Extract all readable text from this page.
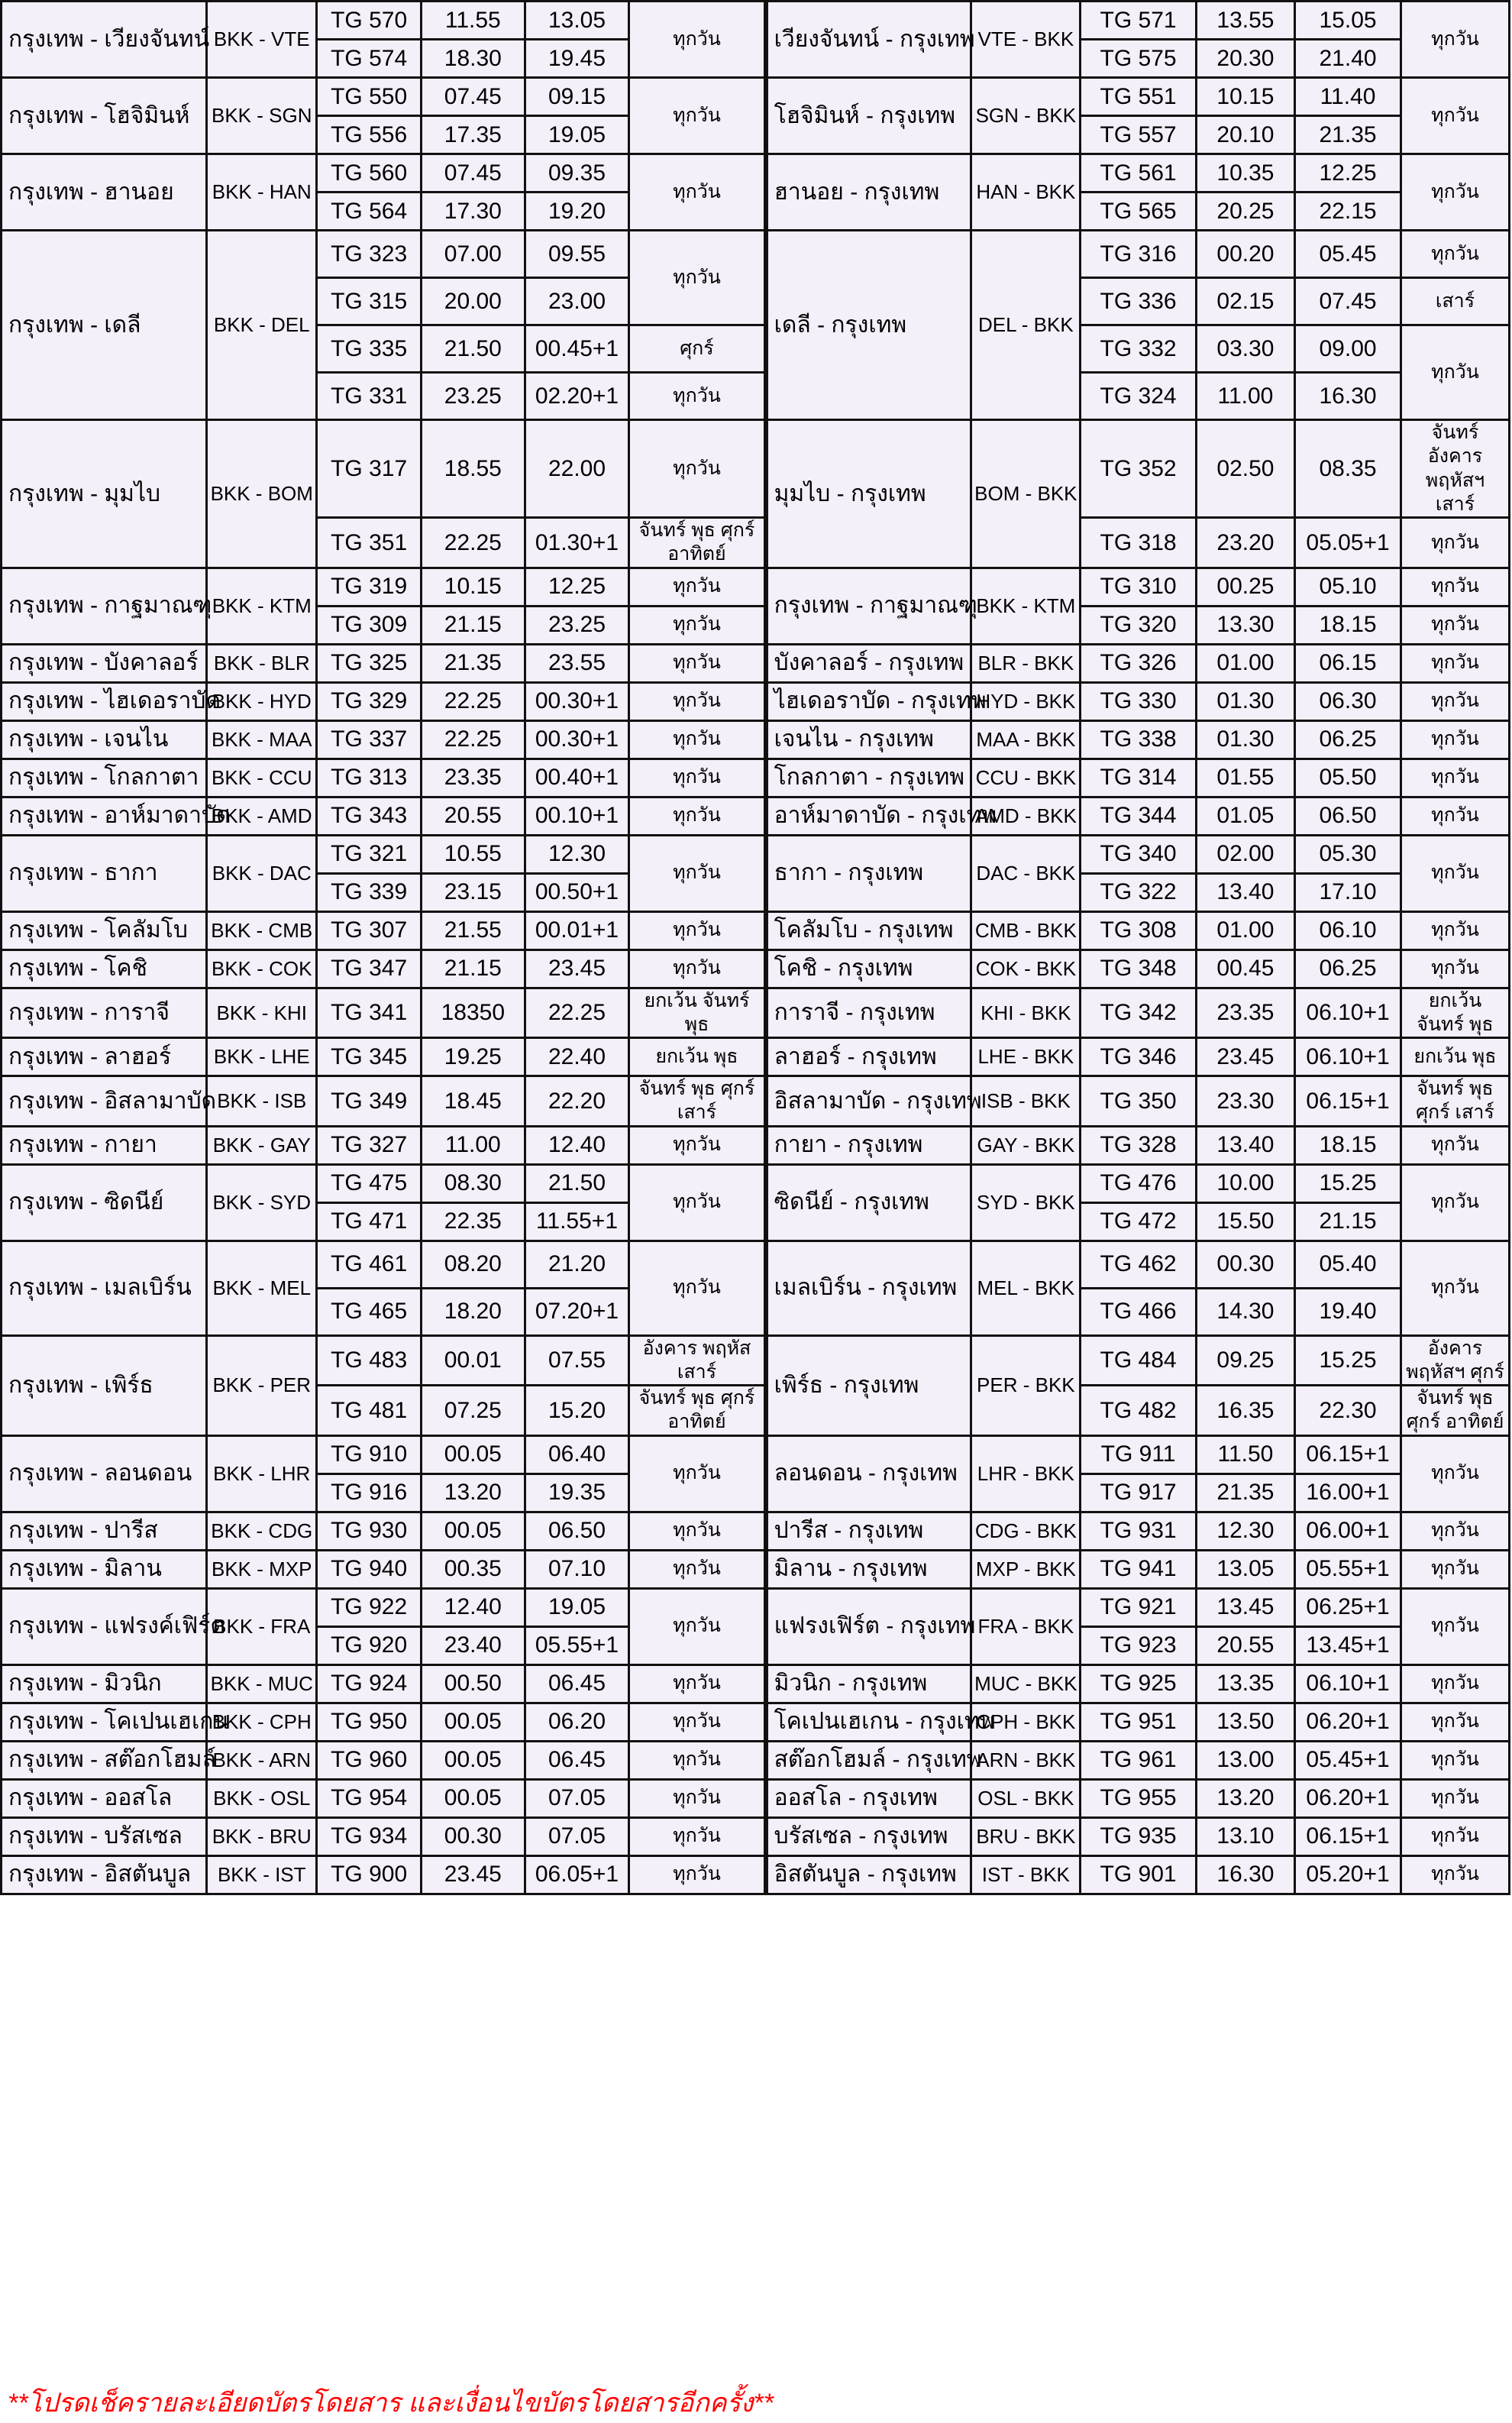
กรุงเทพ - เวียงจันทน์	BKK - VTE	TG 570	11.55	13.05	ทุกวัน	เวียงจันทน์ - กรุงเทพ	VTE - BKK	TG 571	13.55	15.05	ทุกวัน
		TG 574	18.30	19.45				TG 575	20.30	21.40	
กรุงเทพ - โฮจิมินห์	BKK - SGN	TG 550	07.45	09.15	ทุกวัน	โฮจิมินห์ - กรุงเทพ	SGN - BKK	TG 551	10.15	11.40	ทุกวัน
		TG 556	17.35	19.05				TG 557	20.10	21.35	
กรุงเทพ - ฮานอย	BKK - HAN	TG 560	07.45	09.35	ทุกวัน	ฮานอย - กรุงเทพ	HAN - BKK	TG 561	10.35	12.25	ทุกวัน
		TG 564	17.30	19.20				TG 565	20.25	22.15	
กรุงเทพ - เดลี	BKK - DEL	TG 323	07.00	09.55	ทุกวัน	เดลี - กรุงเทพ	DEL - BKK	TG 316	00.20	05.45	ทุกวัน
		TG 315	20.00	23.00				TG 336	02.15	07.45	เสาร์
		TG 335	21.50	00.45+1	ศุกร์			TG 332	03.30	09.00	ทุกวัน
		TG 331	23.25	02.20+1	ทุกวัน			TG 324	11.00	16.30	
กรุงเทพ - มุมไบ	BKK - BOM	TG 317	18.55	22.00	ทุกวัน	มุมไบ - กรุงเทพ	BOM - BKK	TG 352	02.50	08.35	จันทร์ อังคาร พฤหัสฯ เสาร์
		TG 351	22.25	01.30+1	จันทร์ พุธ ศุกร์ อาทิตย์			TG 318	23.20	05.05+1	ทุกวัน
กรุงเทพ - กาฐมาณฑุ	BKK - KTM	TG 319	10.15	12.25	ทุกวัน	กรุงเทพ - กาฐมาณฑุ	BKK - KTM	TG 310	00.25	05.10	ทุกวัน
		TG 309	21.15	23.25	ทุกวัน			TG 320	13.30	18.15	ทุกวัน
กรุงเทพ - บังคาลอร์	BKK - BLR	TG 325	21.35	23.55	ทุกวัน	บังคาลอร์ - กรุงเทพ	BLR - BKK	TG 326	01.00	06.15	ทุกวัน
กรุงเทพ - ไฮเดอราบัด	BKK - HYD	TG 329	22.25	00.30+1	ทุกวัน	ไฮเดอราบัด - กรุงเทพ	HYD - BKK	TG 330	01.30	06.30	ทุกวัน
กรุงเทพ - เจนไน	BKK - MAA	TG 337	22.25	00.30+1	ทุกวัน	เจนไน - กรุงเทพ	MAA - BKK	TG 338	01.30	06.25	ทุกวัน
กรุงเทพ - โกลกาตา	BKK - CCU	TG 313	23.35	00.40+1	ทุกวัน	โกลกาตา - กรุงเทพ	CCU - BKK	TG 314	01.55	05.50	ทุกวัน
กรุงเทพ - อาห์มาดาบัด	BKK - AMD	TG 343	20.55	00.10+1	ทุกวัน	อาห์มาดาบัด - กรุงเทพ	AMD - BKK	TG 344	01.05	06.50	ทุกวัน
กรุงเทพ - ธากา	BKK - DAC	TG 321	10.55	12.30	ทุกวัน	ธากา - กรุงเทพ	DAC - BKK	TG 340	02.00	05.30	ทุกวัน
		TG 339	23.15	00.50+1				TG 322	13.40	17.10	
กรุงเทพ - โคลัมโบ	BKK - CMB	TG 307	21.55	00.01+1	ทุกวัน	โคลัมโบ - กรุงเทพ	CMB - BKK	TG 308	01.00	06.10	ทุกวัน
กรุงเทพ - โคชิ	BKK - COK	TG 347	21.15	23.45	ทุกวัน	โคชิ - กรุงเทพ	COK - BKK	TG 348	00.45	06.25	ทุกวัน
กรุงเทพ - การาจี	BKK - KHI	TG 341	18350	22.25	ยกเว้น จันทร์ พุธ	การาจี - กรุงเทพ	KHI - BKK	TG 342	23.35	06.10+1	ยกเว้น จันทร์ พุธ
กรุงเทพ - ลาฮอร์	BKK - LHE	TG 345	19.25	22.40	ยกเว้น พุธ	ลาฮอร์ - กรุงเทพ	LHE - BKK	TG 346	23.45	06.10+1	ยกเว้น พุธ
กรุงเทพ - อิสลามาบัด	BKK - ISB	TG 349	18.45	22.20	จันทร์ พุธ ศุกร์ เสาร์	อิสลามาบัด - กรุงเทพ	ISB - BKK	TG 350	23.30	06.15+1	จันทร์ พุธ ศุกร์ เสาร์
กรุงเทพ - กายา	BKK - GAY	TG 327	11.00	12.40	ทุกวัน	กายา - กรุงเทพ	GAY - BKK	TG 328	13.40	18.15	ทุกวัน
กรุงเทพ - ซิดนีย์	BKK - SYD	TG 475	08.30	21.50	ทุกวัน	ซิดนีย์ - กรุงเทพ	SYD - BKK	TG 476	10.00	15.25	ทุกวัน
		TG 471	22.35	11.55+1				TG 472	15.50	21.15	
กรุงเทพ - เมลเบิร์น	BKK - MEL	TG 461	08.20	21.20	ทุกวัน	เมลเบิร์น - กรุงเทพ	MEL - BKK	TG 462	00.30	05.40	ทุกวัน
		TG 465	18.20	07.20+1				TG 466	14.30	19.40	
กรุงเทพ - เพิร์ธ	BKK - PER	TG 483	00.01	07.55	อังคาร พฤหัส เสาร์	เพิร์ธ - กรุงเทพ	PER - BKK	TG 484	09.25	15.25	อังคาร พฤหัสฯ ศุกร์
		TG 481	07.25	15.20	จันทร์ พุธ ศุกร์ อาทิตย์			TG 482	16.35	22.30	จันทร์ พุธ ศุกร์ อาทิตย์
กรุงเทพ - ลอนดอน	BKK - LHR	TG 910	00.05	06.40	ทุกวัน	ลอนดอน - กรุงเทพ	LHR - BKK	TG 911	11.50	06.15+1	ทุกวัน
		TG 916	13.20	19.35				TG 917	21.35	16.00+1	
กรุงเทพ - ปารีส	BKK - CDG	TG 930	00.05	06.50	ทุกวัน	ปารีส - กรุงเทพ	CDG - BKK	TG 931	12.30	06.00+1	ทุกวัน
กรุงเทพ - มิลาน	BKK - MXP	TG 940	00.35	07.10	ทุกวัน	มิลาน - กรุงเทพ	MXP - BKK	TG 941	13.05	05.55+1	ทุกวัน
กรุงเทพ - แฟรงค์เฟิร์ต	BKK - FRA	TG 922	12.40	19.05	ทุกวัน	แฟรงเฟิร์ต - กรุงเทพ	FRA - BKK	TG 921	13.45	06.25+1	ทุกวัน
		TG 920	23.40	05.55+1				TG 923	20.55	13.45+1	
กรุงเทพ - มิวนิก	BKK - MUC	TG 924	00.50	06.45	ทุกวัน	มิวนิก - กรุงเทพ	MUC - BKK	TG 925	13.35	06.10+1	ทุกวัน
กรุงเทพ - โคเปนเฮเกน	BKK - CPH	TG 950	00.05	06.20	ทุกวัน	โคเปนเฮเกน - กรุงเทพ	CPH - BKK	TG 951	13.50	06.20+1	ทุกวัน
กรุงเทพ - สต๊อกโฮมล์	BKK - ARN	TG 960	00.05	06.45	ทุกวัน	สต๊อกโฮมล์ - กรุงเทพ	ARN - BKK	TG 961	13.00	05.45+1	ทุกวัน
กรุงเทพ - ออสโล	BKK - OSL	TG 954	00.05	07.05	ทุกวัน	ออสโล - กรุงเทพ	OSL - BKK	TG 955	13.20	06.20+1	ทุกวัน
กรุงเทพ - บรัสเซล	BKK - BRU	TG 934	00.30	07.05	ทุกวัน	บรัสเซล - กรุงเทพ	BRU - BKK	TG 935	13.10	06.15+1	ทุกวัน
กรุงเทพ - อิสตันบูล	BKK - IST	TG 900	23.45	06.05+1	ทุกวัน	อิสตันบูล - กรุงเทพ	IST - BKK	TG 901	16.30	05.20+1	ทุกวัน
**โปรดเช็ครายละเอียดบัตรโดยสาร และเงื่อนไขบัตรโดยสารอีกครั้ง**
